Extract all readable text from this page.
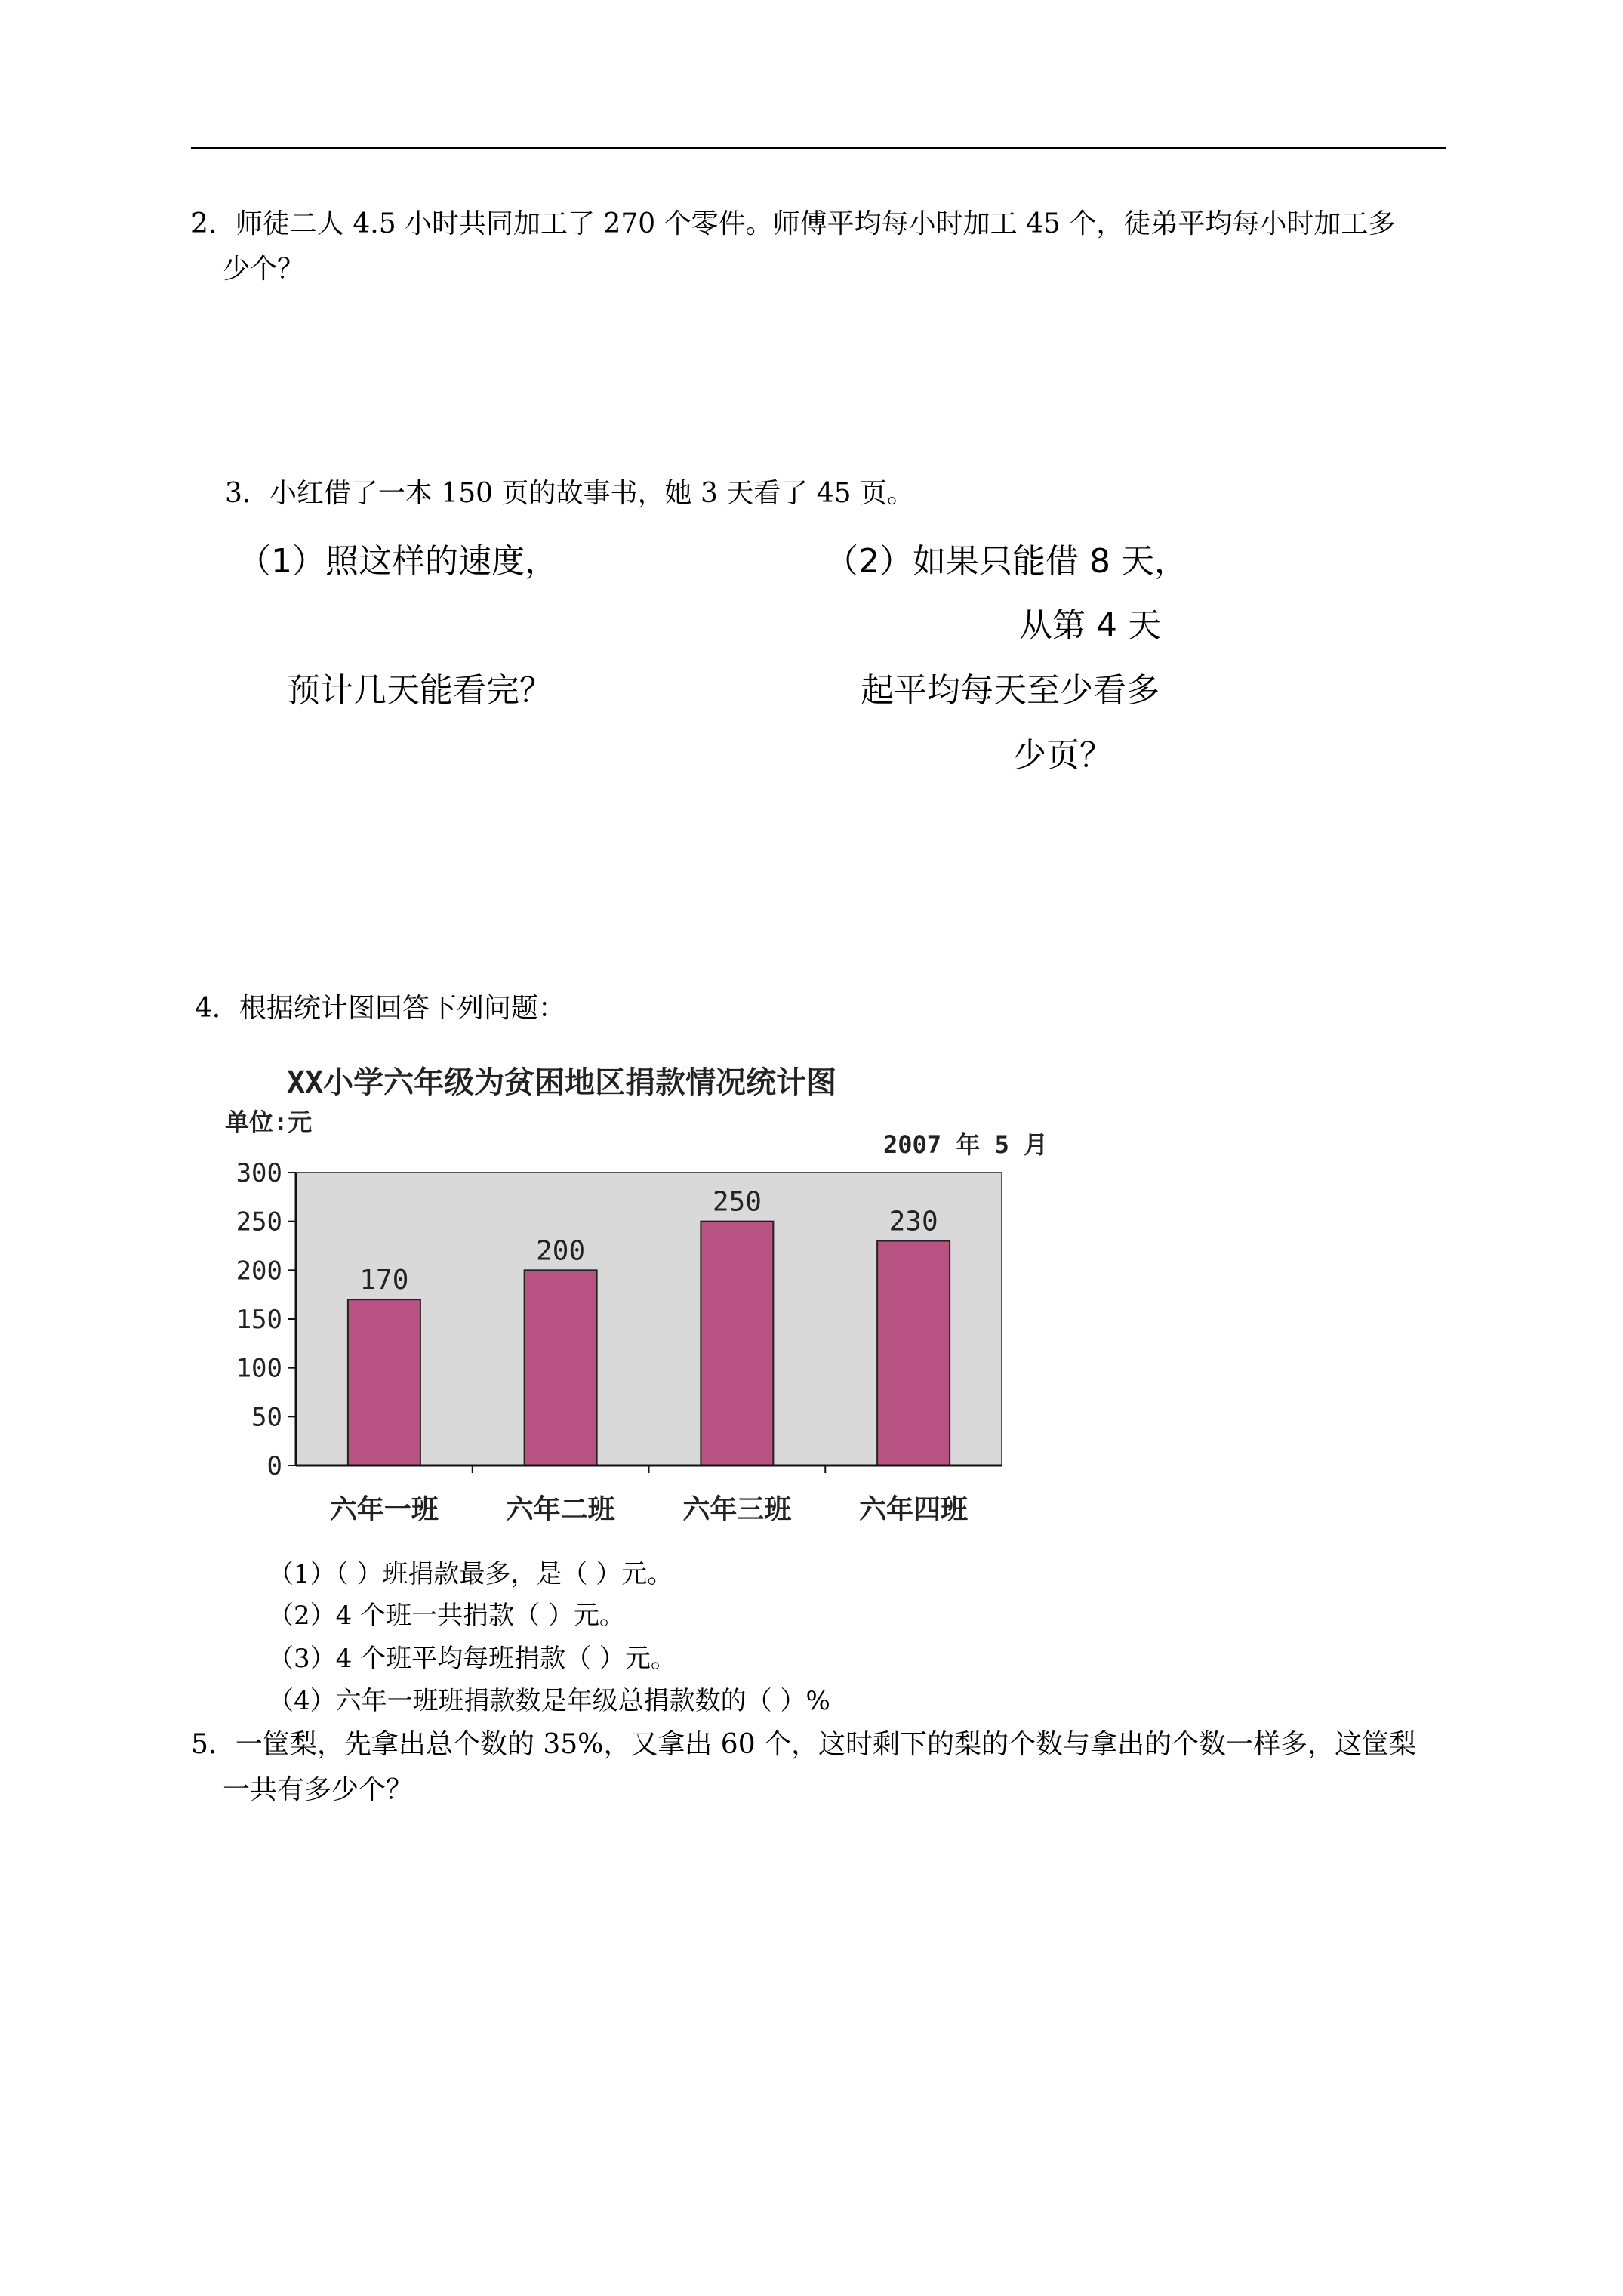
2．师徒二人 4.5 小时共同加工了 270 个零件。师傅平均每小时加工 45 个，徒弟平均每小时加工多
少个？
3．小红借了一本 150 页的故事书，她 3 天看了 45 页。
（1）照这样的速度，
预计几天能看完？
（2）如果只能借 8 天，
从第 4 天
起平均每天至少看多
少页？
4．根据统计图回答下列问题：
XX小学六年级为贫困地区捐款情况统计图
单位:元
2007 年 5 月
0
50
100
150
200
250
300
170
200
250
230
六年一班 六年二班 六年三班 六年四班
（1）（ ）班捐款最多，是（ ）元。
（2）4 个班一共捐款（ ）元。
（3）4 个班平均每班捐款（ ）元。
（4）六年一班班捐款数是年级总捐款数的（ ）%
5．一筐梨，先拿出总个数的 35%，又拿出 60 个，这时剩下的梨的个数与拿出的个数一样多，这筐梨
一共有多少个？
